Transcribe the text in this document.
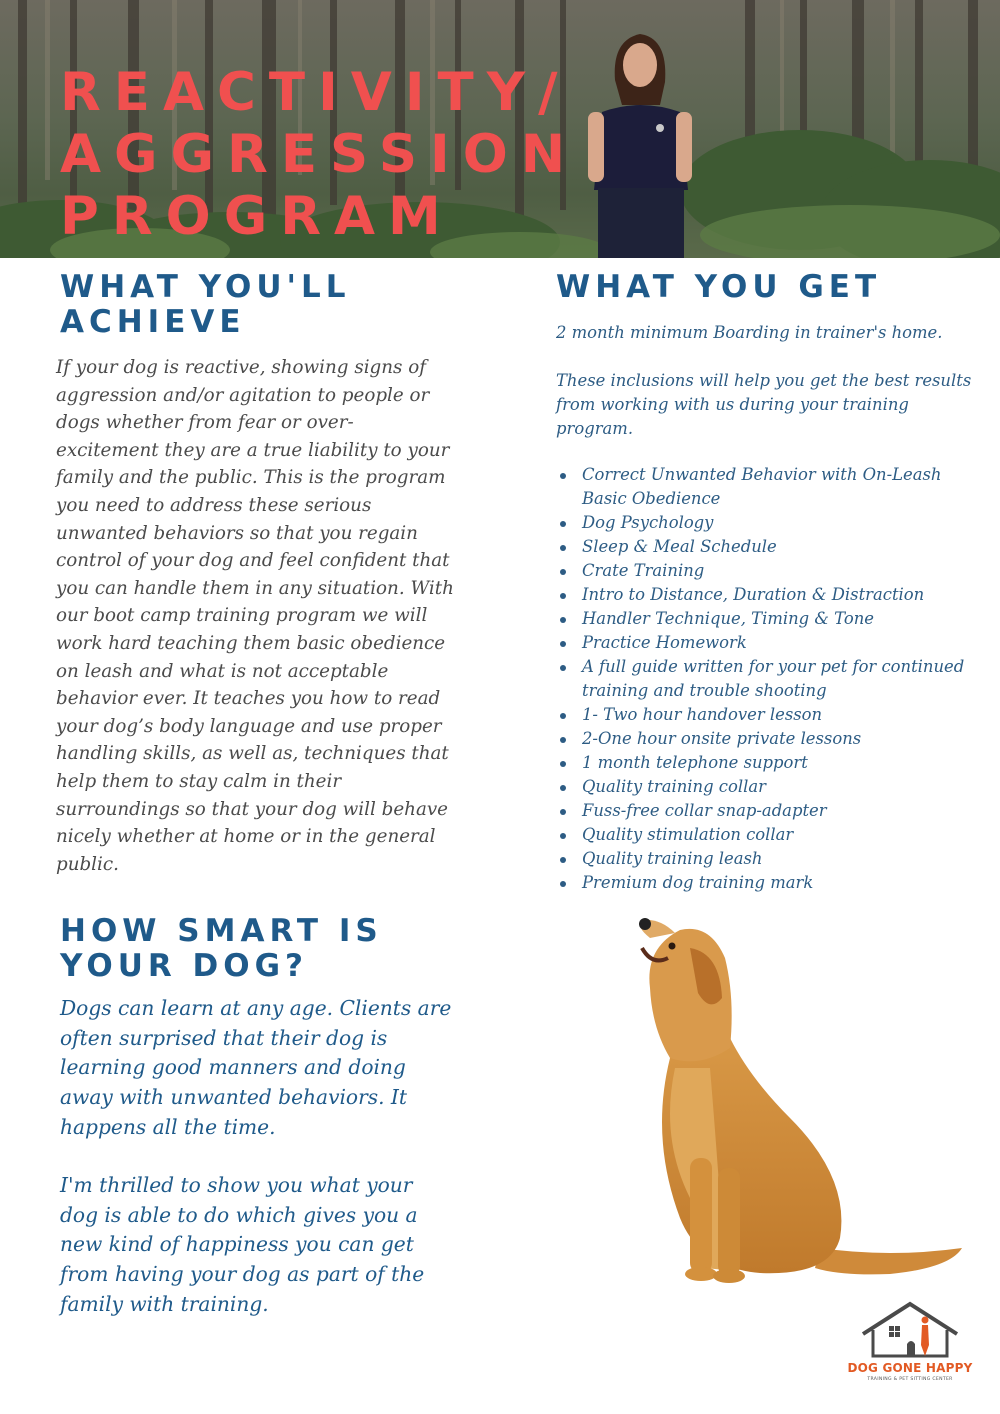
REACTIVITY/
AGGRESSION
PROGRAM
WHAT YOU'LL
ACHIEVE

If your dog is reactive, showing signs of aggression and/or agitation to people or dogs whether from fear or over-excitement they are a true liability to your family and the public. This is the program you need to address these serious unwanted behaviors so that you regain control of your dog and feel confident that you can handle them in any situation. With our boot camp training program we will work hard teaching them basic obedience on leash and what is not acceptable behavior ever. It teaches you how to read your dog’s body language and use proper handling skills, as well as, techniques that help them to stay calm in their surroundings so that your dog will behave nicely whether at home or in the general public.

HOW SMART IS
YOUR DOG?

Dogs can learn at any age. Clients are often surprised that their dog is learning good manners and doing away with unwanted behaviors. It happens all the time.

I'm thrilled to show you what your dog is able to do which gives you a new kind of happiness you can get from having your dog as part of the family with training.

WHAT YOU GET

2 month minimum Boarding in trainer's home.

These inclusions will help you get the best results from working with us during your training program.

Correct Unwanted Behavior with On-Leash Basic Obedience
Dog Psychology
Sleep & Meal Schedule
Crate Training
Intro to Distance, Duration & Distraction
Handler Technique, Timing & Tone
Practice Homework
A full guide written for your pet for continued training and trouble shooting
1- Two hour handover lesson
2-One hour onsite private lessons
1 month telephone support
Quality training collar
Fuss-free collar snap-adapter
Quality stimulation collar
Quality training leash
Premium dog training mark
DOG GONE HAPPY
TRAINING & PET SITTING CENTER
